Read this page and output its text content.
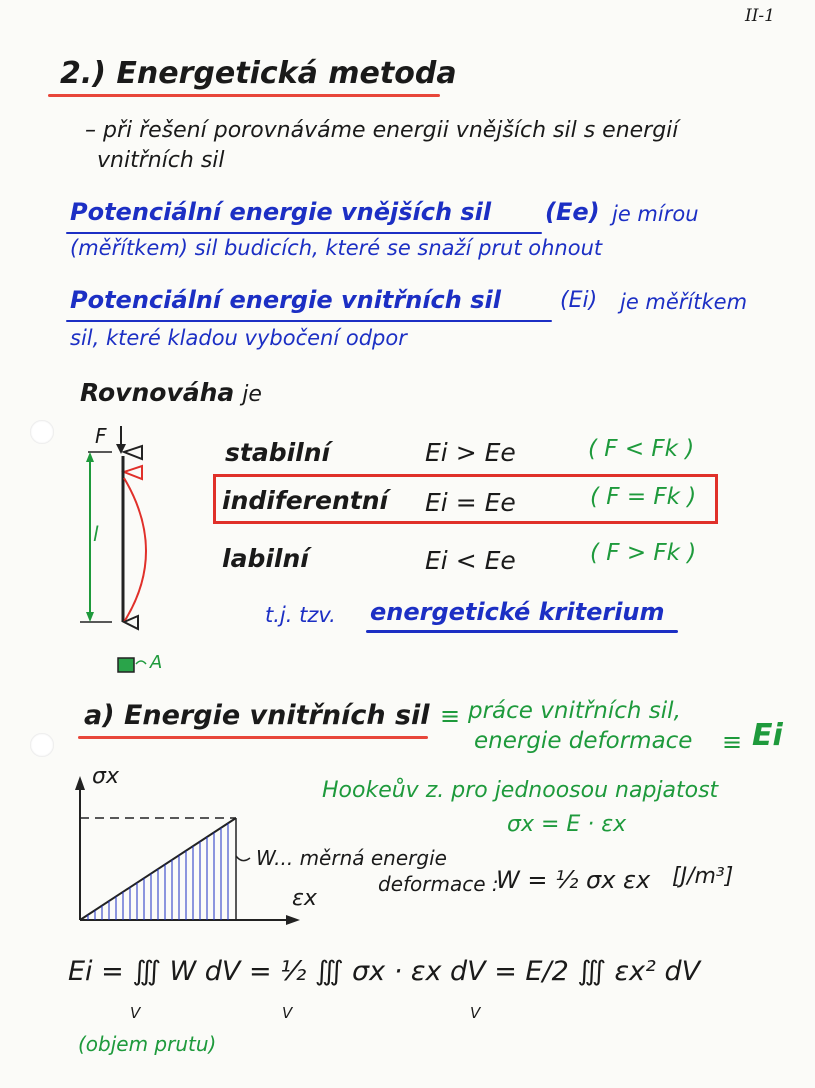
II-1
2.) Energetická metoda
– při řešení porovnáváme energii vnějších sil s energií
vnitřních sil
Potenciální energie vnějších sil (Ee) je mírou
(měřítkem) sil budicích, které se snaží prut ohnout
Potenciální energie vnitřních sil	(Ei) je měřítkem
sil, které kladou vybočení odpor
Rovnováha je
F
l
A
stabilní	Ei > Ee	( F < Fk )
indiferentní Ei = Ee	( F = Fk )
labilní	Ei < Ee	( F > Fk )
t.j. tzv. energetické kriterium
a) Energie vnitřních sil ≡ práce vnitřních sil,
energie deformace ≡ Ei
σx
εx
Hookeův z. pro jednoosou napjatost
σx = E · εx
W... měrná energie
deformace :
W = ½ σx εx [J/m³]
Ei = ∭ W dV = ½ ∭ σx · εx dV = E/2 ∭ εx² dV
V	V	V
(objem prutu)
